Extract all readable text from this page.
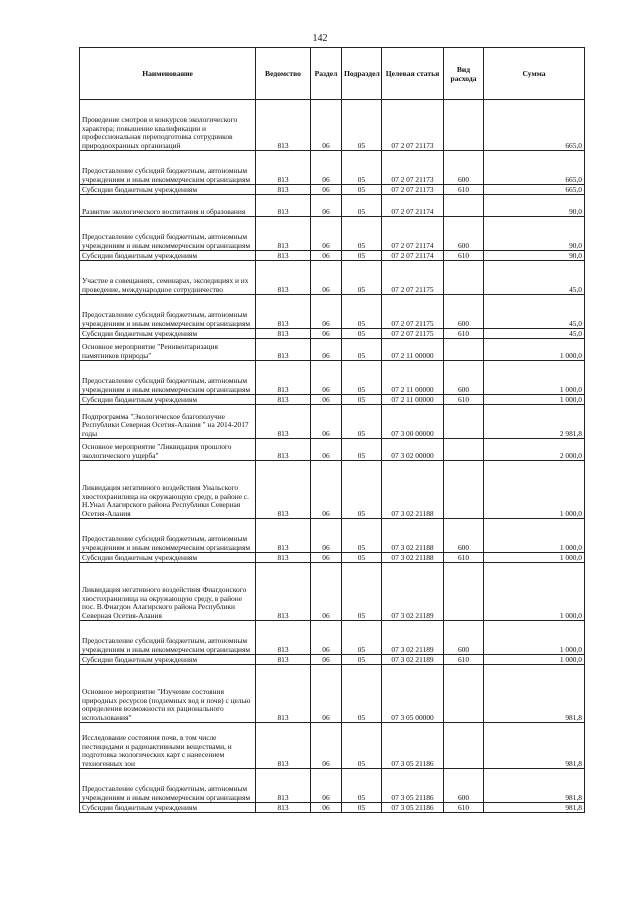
142
Наименование	Ведомство	Раздел	Подраздел	Целевая статья	Вид расхода	Сумма
Проведение смотров и конкурсов экологического характера; повышение квалификации и профессиональная переподготовка сотрудников природоохранных организаций	813	06	05	07 2 07 21173		665,0
Предоставление субсидий бюджетным, автономным учреждениям и иным некоммерческим организациям	813	06	05	07 2 07 21173	600	665,0
Субсидии бюджетным учреждениям	813	06	05	07 2 07 21173	610	665,0
Развитие экологического воспитания и образования	813	06	05	07 2 07 21174		90,0
Предоставление субсидий бюджетным, автономным учреждениям и иным некоммерческим организациям	813	06	05	07 2 07 21174	600	90,0
Субсидии бюджетным учреждениям	813	06	05	07 2 07 21174	610	90,0
Участие в совещаниях, семинарах, экспедициях и их проведение, международное сотрудничество	813	06	05	07 2 07 21175		45,0
Предоставление субсидий бюджетным, автономным учреждениям и иным некоммерческим организациям	813	06	05	07 2 07 21175	600	45,0
Субсидии бюджетным учреждениям	813	06	05	07 2 07 21175	610	45,0
Основное мероприятие "Реинвентаризация памятников природы"	813	06	05	07 2 11 00000		1 000,0
Предоставление субсидий бюджетным, автономным учреждениям и иным некоммерческим организациям	813	06	05	07 2 11 00000	600	1 000,0
Субсидии бюджетным учреждениям	813	06	05	07 2 11 00000	610	1 000,0
Подпрограмма "Экологическое благополучие Республики Северная Осетия-Алания " на 2014-2017 годы	813	06	05	07 3 00 00000		2 981,8
Основное мероприятие "Ликвидация прошлого экологического ущерба"	813	06	05	07 3 02 00000		2 000,0
Ликвидация негативного воздействия Унальского хвостохранилища на окружающую среду, в районе с. Н.Унал Алагирского района Республики Северная Осетия-Алания	813	06	05	07 3 02 21188		1 000,0
Предоставление субсидий бюджетным, автономным учреждениям и иным некоммерческим организациям	813	06	05	07 3 02 21188	600	1 000,0
Субсидии бюджетным учреждениям	813	06	05	07 3 02 21188	610	1 000,0
Ликвидация негативного воздействия Фиагдонского хвостохранилища на окружающую среду, в районе пос. В.Фиагдон Алагирского района Республики Северная Осетия-Алания	813	06	05	07 3 02 21189		1 000,0
Предоставление субсидий бюджетным, автономным учреждениям и иным некоммерческим организациям	813	06	05	07 3 02 21189	600	1 000,0
Субсидии бюджетным учреждениям	813	06	05	07 3 02 21189	610	1 000,0
Основное мероприятие "Изучение состояния природных ресурсов (подземных вод и почв) с целью определения возможности их рационального использования"	813	06	05	07 3 05 00000		981,8
Исследование состояния почв, в том числе пестицидами и радиоактивными веществами, и подготовка экологических карт с нанесением техногенных зон	813	06	05	07 3 05 21186		981,8
Предоставление субсидий бюджетным, автономным учреждениям и иным некоммерческим организациям	813	06	05	07 3 05 21186	600	981,8
Субсидии бюджетным учреждениям	813	06	05	07 3 05 21186	610	981,8
